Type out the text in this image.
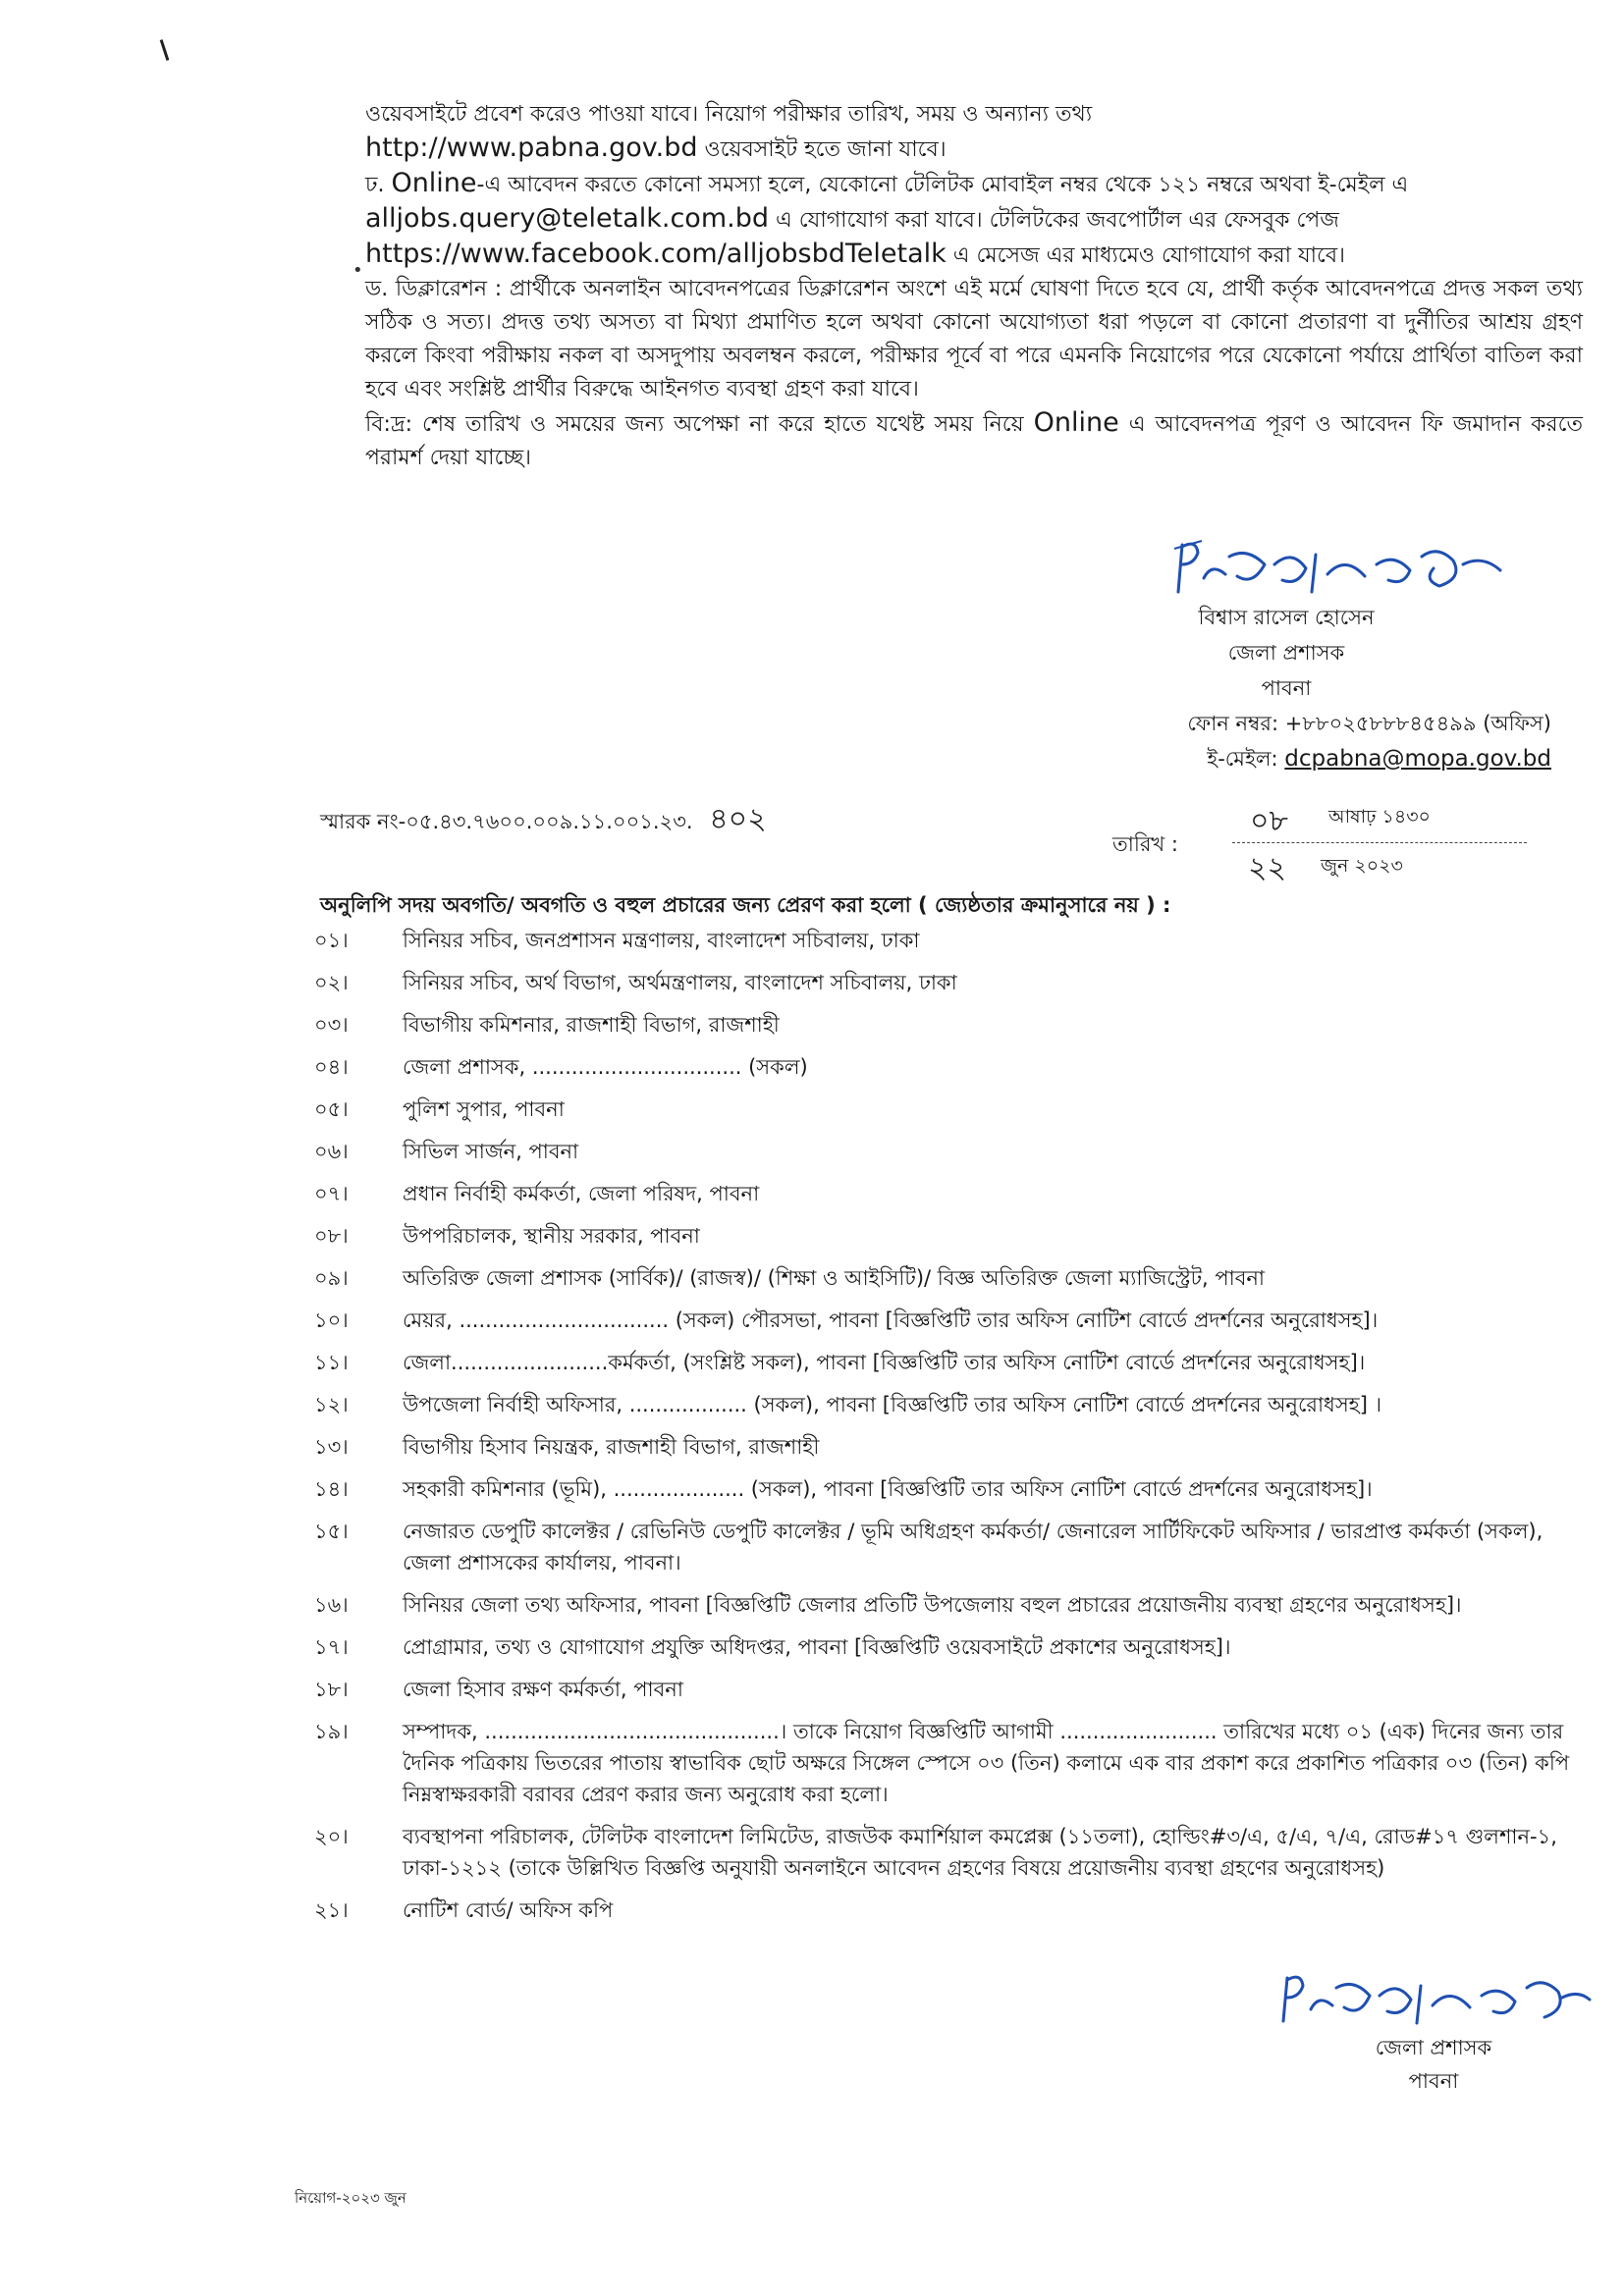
•

ওয়েবসাইটে প্রবেশ করেও পাওয়া যাবে। নিয়োগ পরীক্ষার তারিখ, সময় ও অন্যান্য তথ্য
http://www.pabna.gov.bd ওয়েবসাইট হতে জানা যাবে।

ঢ. Online-এ আবেদন করতে কোনো সমস্যা হলে, যেকোনো টেলিটক মোবাইল নম্বর থেকে ১২১ নম্বরে অথবা ই-মেইল এ
alljobs.query@teletalk.com.bd এ যোগাযোগ করা যাবে। টেলিটকের জবপোর্টাল এর ফেসবুক পেজ
https://www.facebook.com/alljobsbdTeletalk এ মেসেজ এর মাধ্যমেও যোগাযোগ করা যাবে।

ড. ডিক্লারেশন : প্রার্থীকে অনলাইন আবেদনপত্রের ডিক্লারেশন অংশে এই মর্মে ঘোষণা দিতে হবে যে, প্রার্থী কর্তৃক আবেদনপত্রে প্রদত্ত সকল তথ্য সঠিক ও সত্য। প্রদত্ত তথ্য অসত্য বা মিথ্যা প্রমাণিত হলে অথবা কোনো অযোগ্যতা ধরা পড়লে বা কোনো প্রতারণা বা দুর্নীতির আশ্রয় গ্রহণ করলে কিংবা পরীক্ষায় নকল বা অসদুপায় অবলম্বন করলে, পরীক্ষার পূর্বে বা পরে এমনকি নিয়োগের পরে যেকোনো পর্যায়ে প্রার্থিতা বাতিল করা হবে এবং সংশ্লিষ্ট প্রার্থীর বিরুদ্ধে আইনগত ব্যবস্থা গ্রহণ করা যাবে।

বি:দ্র: শেষ তারিখ ও সময়ের জন্য অপেক্ষা না করে হাতে যথেষ্ট সময় নিয়ে Online এ আবেদনপত্র পূরণ ও আবেদন ফি জমাদান করতে পরামর্শ দেয়া যাচ্ছে।

বিশ্বাস রাসেল হোসেন
জেলা প্রশাসক
পাবনা
ফোন নম্বর: +৮৮০২৫৮৮৮৪৫৪৯৯ (অফিস)
ই-মেইল: dcpabna@mopa.gov.bd
স্মারক নং-০৫.৪৩.৭৬০০.০০৯.১১.০০১.২৩. ৪০২
তারিখ :
০৮ আষাঢ় ১৪৩০
২২ জুন ২০২৩
অনুলিপি সদয় অবগতি/ অবগতি ও বহুল প্রচারের জন্য প্রেরণ করা হলো ( জ্যেষ্ঠতার ক্রমানুসারে নয় ) :
০১।	সিনিয়র সচিব, জনপ্রশাসন মন্ত্রণালয়, বাংলাদেশ সচিবালয়, ঢাকা
০২।	সিনিয়র সচিব, অর্থ বিভাগ, অর্থমন্ত্রণালয়, বাংলাদেশ সচিবালয়, ঢাকা
০৩।	বিভাগীয় কমিশনার, রাজশাহী বিভাগ, রাজশাহী
০৪।	জেলা প্রশাসক, ................................ (সকল)
০৫।	পুলিশ সুপার, পাবনা
০৬।	সিভিল সার্জন, পাবনা
০৭।	প্রধান নির্বাহী কর্মকর্তা, জেলা পরিষদ, পাবনা
০৮।	উপপরিচালক, স্থানীয় সরকার, পাবনা
০৯।	অতিরিক্ত জেলা প্রশাসক (সার্বিক)/ (রাজস্ব)/ (শিক্ষা ও আইসিটি)/ বিজ্ঞ অতিরিক্ত জেলা ম্যাজিস্ট্রেট, পাবনা
১০।	মেয়র, ................................ (সকল) পৌরসভা, পাবনা [বিজ্ঞপ্তিটি তার অফিস নোটিশ বোর্ডে প্রদর্শনের অনুরোধসহ]।
১১।	জেলা........................কর্মকর্তা, (সংশ্লিষ্ট সকল), পাবনা [বিজ্ঞপ্তিটি তার অফিস নোটিশ বোর্ডে প্রদর্শনের অনুরোধসহ]।
১২।	উপজেলা নির্বাহী অফিসার, .................. (সকল), পাবনা [বিজ্ঞপ্তিটি তার অফিস নোটিশ বোর্ডে প্রদর্শনের অনুরোধসহ] ।
১৩।	বিভাগীয় হিসাব নিয়ন্ত্রক, রাজশাহী বিভাগ, রাজশাহী
১৪।	সহকারী কমিশনার (ভূমি), .................... (সকল), পাবনা [বিজ্ঞপ্তিটি তার অফিস নোটিশ বোর্ডে প্রদর্শনের অনুরোধসহ]।
১৫।	নেজারত ডেপুটি কালেক্টর / রেভিনিউ ডেপুটি কালেক্টর / ভূমি অধিগ্রহণ কর্মকর্তা/ জেনারেল সার্টিফিকেট অফিসার / ভারপ্রাপ্ত কর্মকর্তা (সকল), জেলা প্রশাসকের কার্যালয়, পাবনা।
১৬।	সিনিয়র জেলা তথ্য অফিসার, পাবনা [বিজ্ঞপ্তিটি জেলার প্রতিটি উপজেলায় বহুল প্রচারের প্রয়োজনীয় ব্যবস্থা গ্রহণের অনুরোধসহ]।
১৭।	প্রোগ্রামার, তথ্য ও যোগাযোগ প্রযুক্তি অধিদপ্তর, পাবনা [বিজ্ঞপ্তিটি ওয়েবসাইটে প্রকাশের অনুরোধসহ]।
১৮।	জেলা হিসাব রক্ষণ কর্মকর্তা, পাবনা
১৯।	সম্পাদক, .............................................। তাকে নিয়োগ বিজ্ঞপ্তিটি আগামী ........................ তারিখের মধ্যে ০১ (এক) দিনের জন্য তার দৈনিক পত্রিকায় ভিতরের পাতায় স্বাভাবিক ছোট অক্ষরে সিঙ্গেল স্পেসে ০৩ (তিন) কলামে এক বার প্রকাশ করে প্রকাশিত পত্রিকার ০৩ (তিন) কপি নিম্নস্বাক্ষরকারী বরাবর প্রেরণ করার জন্য অনুরোধ করা হলো।
২০।	ব্যবস্থাপনা পরিচালক, টেলিটক বাংলাদেশ লিমিটেড, রাজউক কমার্শিয়াল কমপ্লেক্স (১১তলা), হোল্ডিং#৩/এ, ৫/এ, ৭/এ, রোড#১৭ গুলশান-১, ঢাকা-১২১২ (তাকে উল্লিখিত বিজ্ঞপ্তি অনুযায়ী অনলাইনে আবেদন গ্রহণের বিষয়ে প্রয়োজনীয় ব্যবস্থা গ্রহণের অনুরোধসহ)
২১।	নোটিশ বোর্ড/ অফিস কপি
জেলা প্রশাসক
পাবনা
নিয়োগ-২০২৩ জুন
